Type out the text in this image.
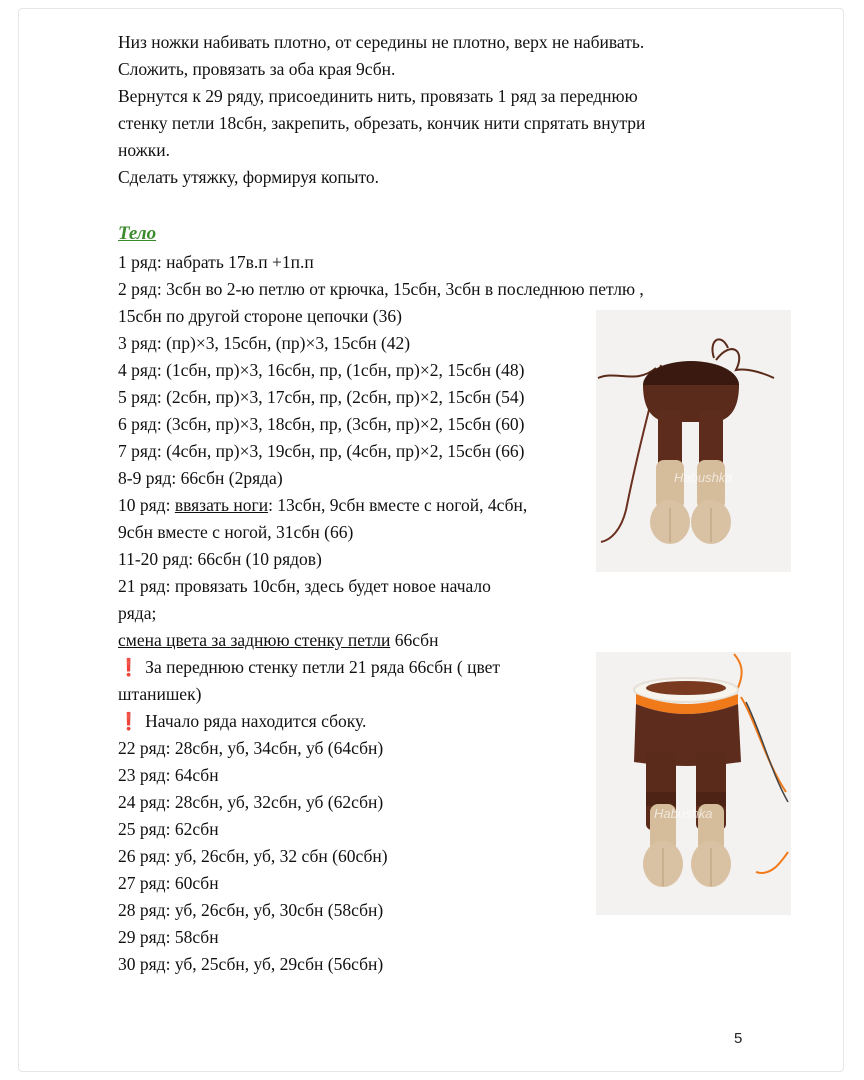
Низ ножки набивать плотно, от середины не плотно, верх не набивать.
Сложить, провязать за оба края 9сбн.
Вернутся к 29 ряду, присоединить нить, провязать 1 ряд за переднюю
стенку петли 18сбн, закрепить, обрезать, кончик нити спрятать внутри
ножки.
Сделать утяжку, формируя копыто.
Тело
1 ряд: набрать 17в.п +1п.п
2 ряд: 3сбн во 2-ю петлю от крючка, 15сбн, 3сбн в последнюю петлю ,
15сбн по другой стороне цепочки (36)
3 ряд: (пр)×3, 15сбн, (пр)×3, 15сбн (42)
4 ряд: (1сбн, пр)×3, 16сбн, пр, (1сбн, пр)×2, 15сбн (48)
5 ряд: (2сбн, пр)×3, 17сбн, пр, (2сбн, пр)×2, 15сбн (54)
6 ряд: (3сбн, пр)×3, 18сбн, пр, (3сбн, пр)×2, 15сбн (60)
7 ряд: (4сбн, пр)×3, 19сбн, пр, (4сбн, пр)×2, 15сбн (66)
8-9 ряд: 66сбн (2ряда)
10 ряд: ввязать ноги: 13сбн, 9сбн вместе с ногой, 4сбн,
9сбн вместе с ногой, 31сбн (66)
11-20 ряд: 66сбн (10 рядов)
21 ряд: провязать 10сбн, здесь будет новое начало
ряда;
смена цвета за заднюю стенку петли 66сбн
❗ За переднюю стенку петли 21 ряда 66сбн ( цвет
штанишек)
❗ Начало ряда находится сбоку.
22 ряд: 28сбн, уб, 34сбн, уб (64сбн)
23 ряд: 64сбн
24 ряд: 28сбн, уб, 32сбн, уб (62сбн)
25 ряд: 62сбн
26 ряд: уб, 26сбн, уб, 32 сбн (60сбн)
27 ряд: 60сбн
28 ряд: уб, 26сбн, уб, 30сбн (58сбн)
29 ряд: 58сбн
30 ряд: уб, 25сбн, уб, 29сбн (56сбн)
Habushka
Habushka
5
